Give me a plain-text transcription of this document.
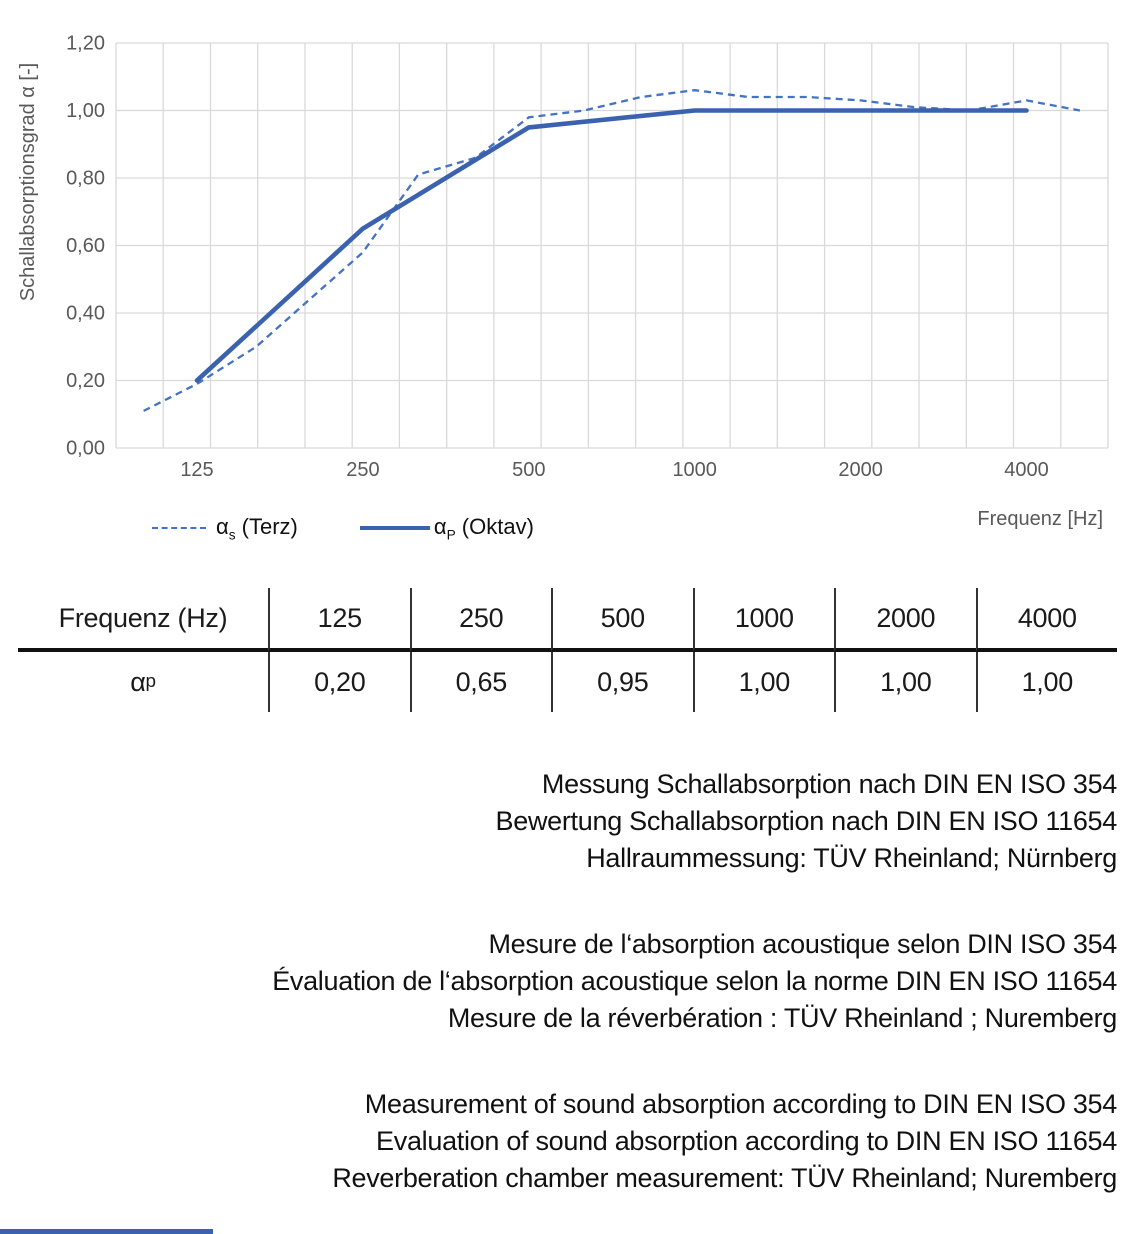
0,00
0,20
0,40
0,60
0,80
1,00
1,20
125	250	500	1000	2000	4000
Schallabsorptionsgrad α [-]
$\alpha_s$ (Terz)	$\alpha_P$ (Oktav)	Frequenz [Hz]
Frequenz (Hz)	125	250	500	1000	2000	4000
α p	0,20	0,65	0,95	1,00	1,00	1,00
Messung Schallabsorption nach DIN EN ISO 354
Bewertung Schallabsorption nach DIN EN ISO 11654
Hallraummessung: TÜV Rheinland; Nürnberg
Mesure de l‘absorption acoustique selon DIN ISO 354
Évaluation de l‘absorption acoustique selon la norme DIN EN ISO 11654
Mesure de la réverbération : TÜV Rheinland ; Nuremberg
Measurement of sound absorption according to DIN EN ISO 354
Evaluation of sound absorption according to DIN EN ISO 11654
Reverberation chamber measurement: TÜV Rheinland; Nuremberg
